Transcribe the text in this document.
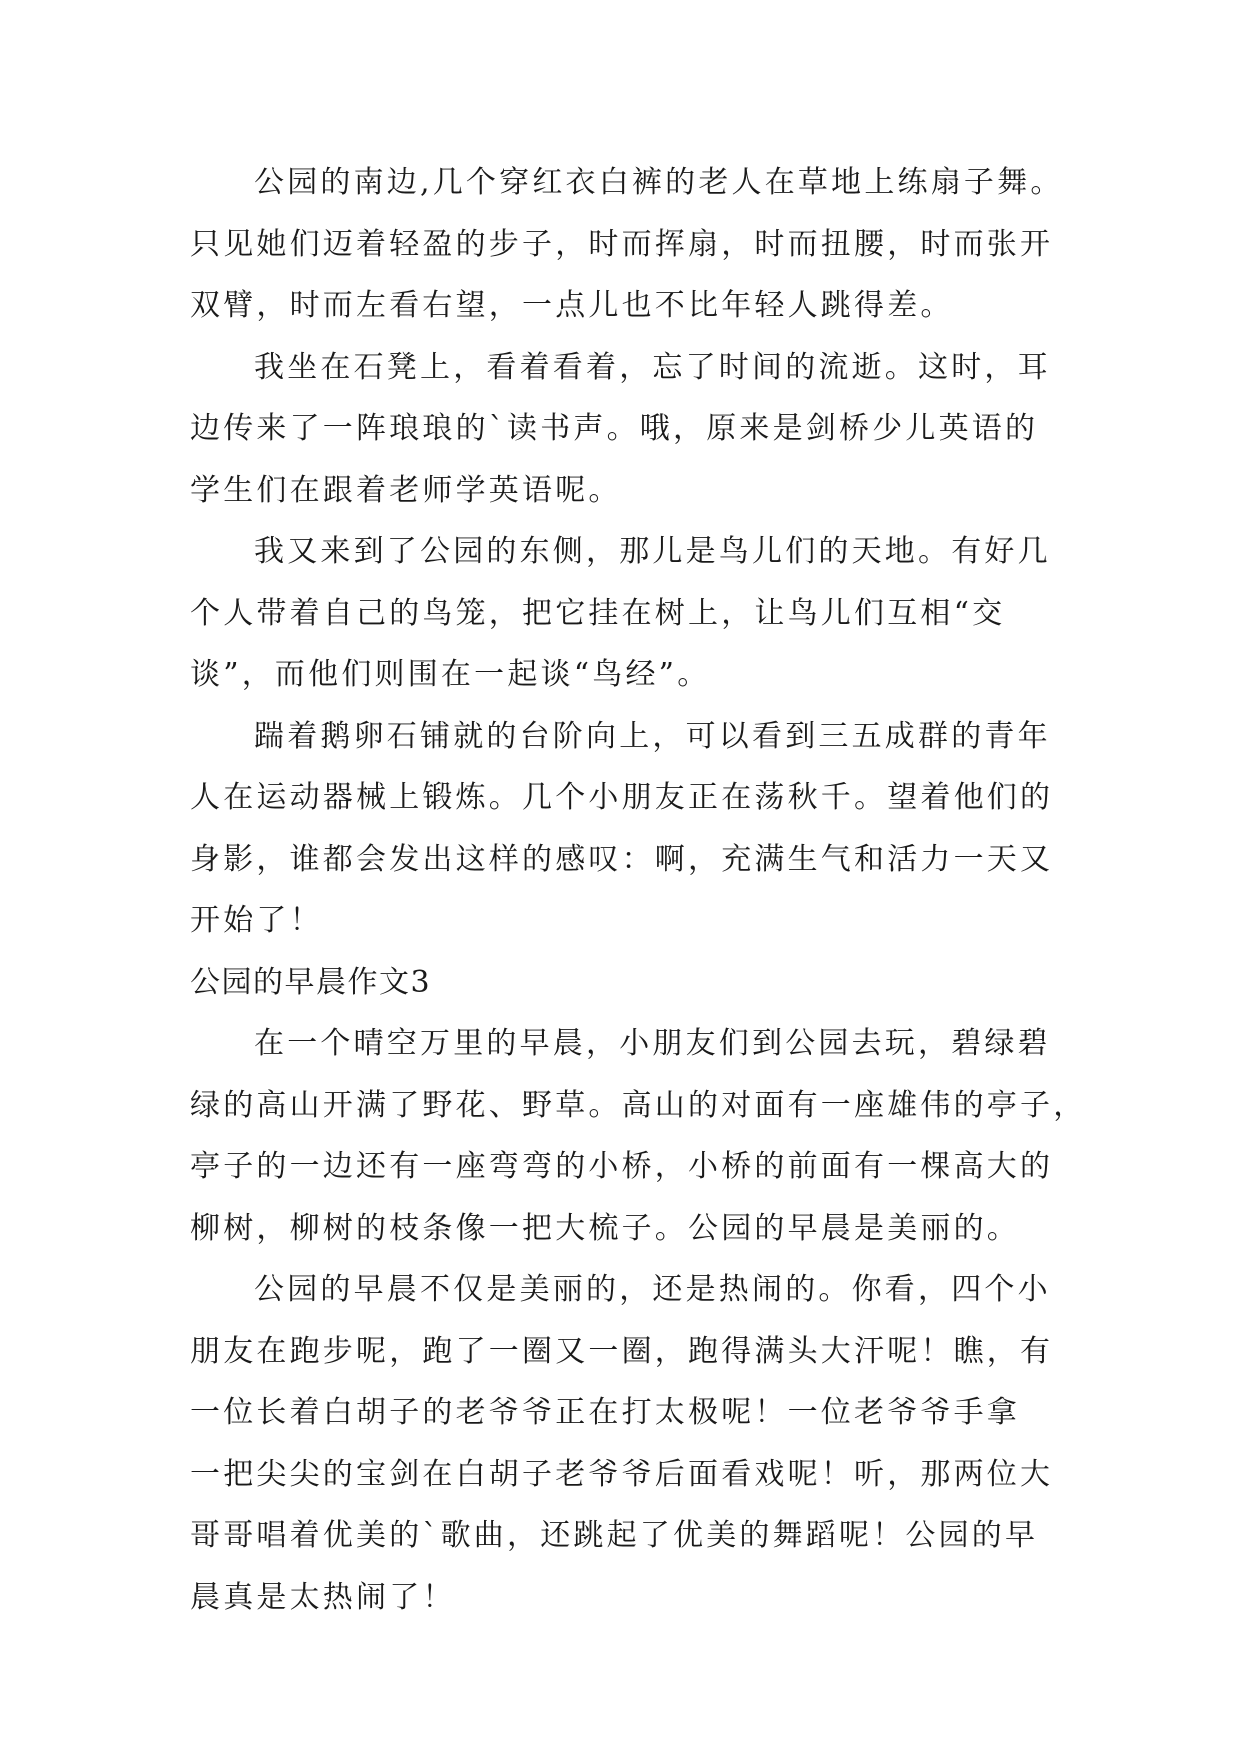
公园的南边,几个穿红衣白裤的老人在草地上练扇子舞。
只见她们迈着轻盈的步子，时而挥扇，时而扭腰，时而张开
双臂，时而左看右望，一点儿也不比年轻人跳得差。
我坐在石凳上，看着看着，忘了时间的流逝。这时，耳
边传来了一阵琅琅的`读书声。哦，原来是剑桥少儿英语的
学生们在跟着老师学英语呢。
我又来到了公园的东侧，那儿是鸟儿们的天地。有好几
个人带着自己的鸟笼，把它挂在树上，让鸟儿们互相“交
谈”，而他们则围在一起谈“鸟经”。
踹着鹅卵石铺就的台阶向上，可以看到三五成群的青年
人在运动器械上锻炼。几个小朋友正在荡秋千。望着他们的
身影，谁都会发出这样的感叹：啊，充满生气和活力一天又
开始了！
公园的早晨作文3
在一个晴空万里的早晨，小朋友们到公园去玩，碧绿碧
绿的高山开满了野花、野草。高山的对面有一座雄伟的亭子，
亭子的一边还有一座弯弯的小桥，小桥的前面有一棵高大的
柳树，柳树的枝条像一把大梳子。公园的早晨是美丽的。
公园的早晨不仅是美丽的，还是热闹的。你看，四个小
朋友在跑步呢，跑了一圈又一圈，跑得满头大汗呢！瞧，有
一位长着白胡子的老爷爷正在打太极呢！一位老爷爷手拿
一把尖尖的宝剑在白胡子老爷爷后面看戏呢！听，那两位大
哥哥唱着优美的`歌曲，还跳起了优美的舞蹈呢！公园的早
晨真是太热闹了！
